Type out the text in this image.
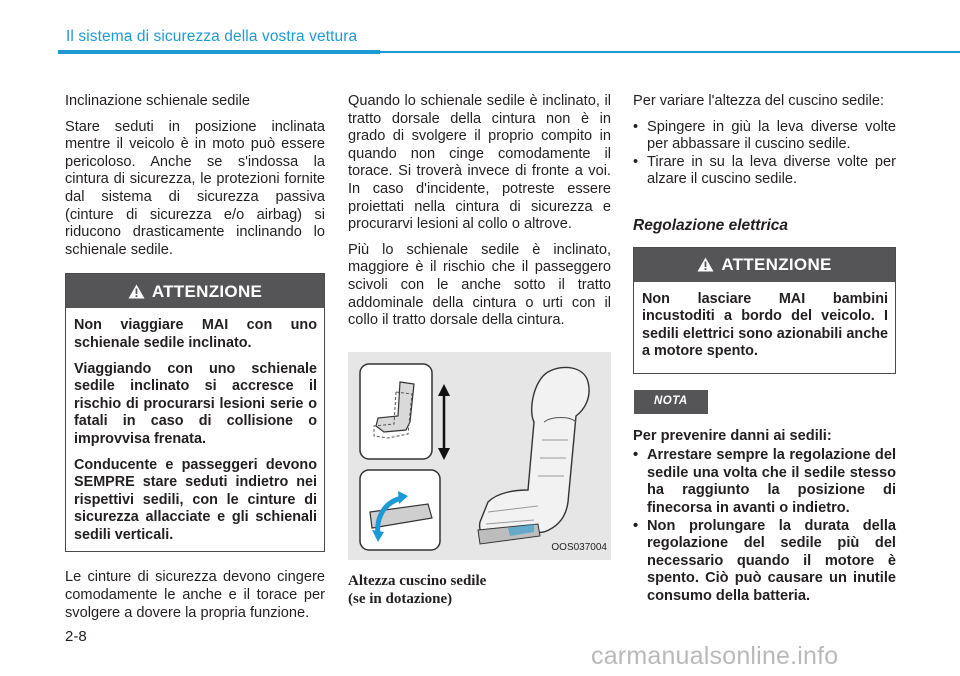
Il sistema di sicurezza della vostra vettura

Inclinazione schienale sedile

Stare seduti in posizione inclinata mentre il veicolo è in moto può essere pericoloso. Anche se s'indossa la cintura di sicurezza, le protezioni fornite dal sistema di sicurezza passiva (cinture di sicurezza e/o airbag) si riducono drasticamente inclinando lo schienale sedile.

ATTENZIONE

Non viaggiare MAI con uno schienale sedile inclinato.

Viaggiando con uno schienale sedile inclinato si accresce il rischio di procurarsi lesioni serie o fatali in caso di collisione o improvvisa frenata.

Conducente e passeggeri devono SEMPRE stare seduti indietro nei rispettivi sedili, con le cinture di sicurezza allacciate e gli schienali sedili verticali.

Le cinture di sicurezza devono cingere comodamente le anche e il torace per svolgere a dovere la propria funzione.

Quando lo schienale sedile è inclinato, il tratto dorsale della cintura non è in grado di svolgere il proprio compito in quando non cinge comodamente il torace. Si troverà invece di fronte a voi. In caso d'incidente, potreste essere proiettati nella cintura di sicurezza e procurarvi lesioni al collo o altrove.

Più lo schienale sedile è inclinato, maggiore è il rischio che il passeggero scivoli con le anche sotto il tratto addominale della cintura o urti con il collo il tratto dorsale della cintura.

OOS037004
Altezza cuscino sedile
(se in dotazione)

Per variare l'altezza del cuscino sedile:

• Spingere in giù la leva diverse volte per abbassare il cuscino sedile.
• Tirare in su la leva diverse volte per alzare il cuscino sedile.
Regolazione elettrica
ATTENZIONE

Non lasciare MAI bambini incustoditi a bordo del veicolo. I sedili elettrici sono azionabili anche a motore spento.

NOTA
Per prevenire danni ai sedili:
• Arrestare sempre la regolazione del sedile una volta che il sedile stesso ha raggiunto la posizione di finecorsa in avanti o indietro.
• Non prolungare la durata della regolazione del sedile più del necessario quando il motore è spento. Ciò può causare un inutile consumo della batteria.
2-8
carmanualsonline.info
